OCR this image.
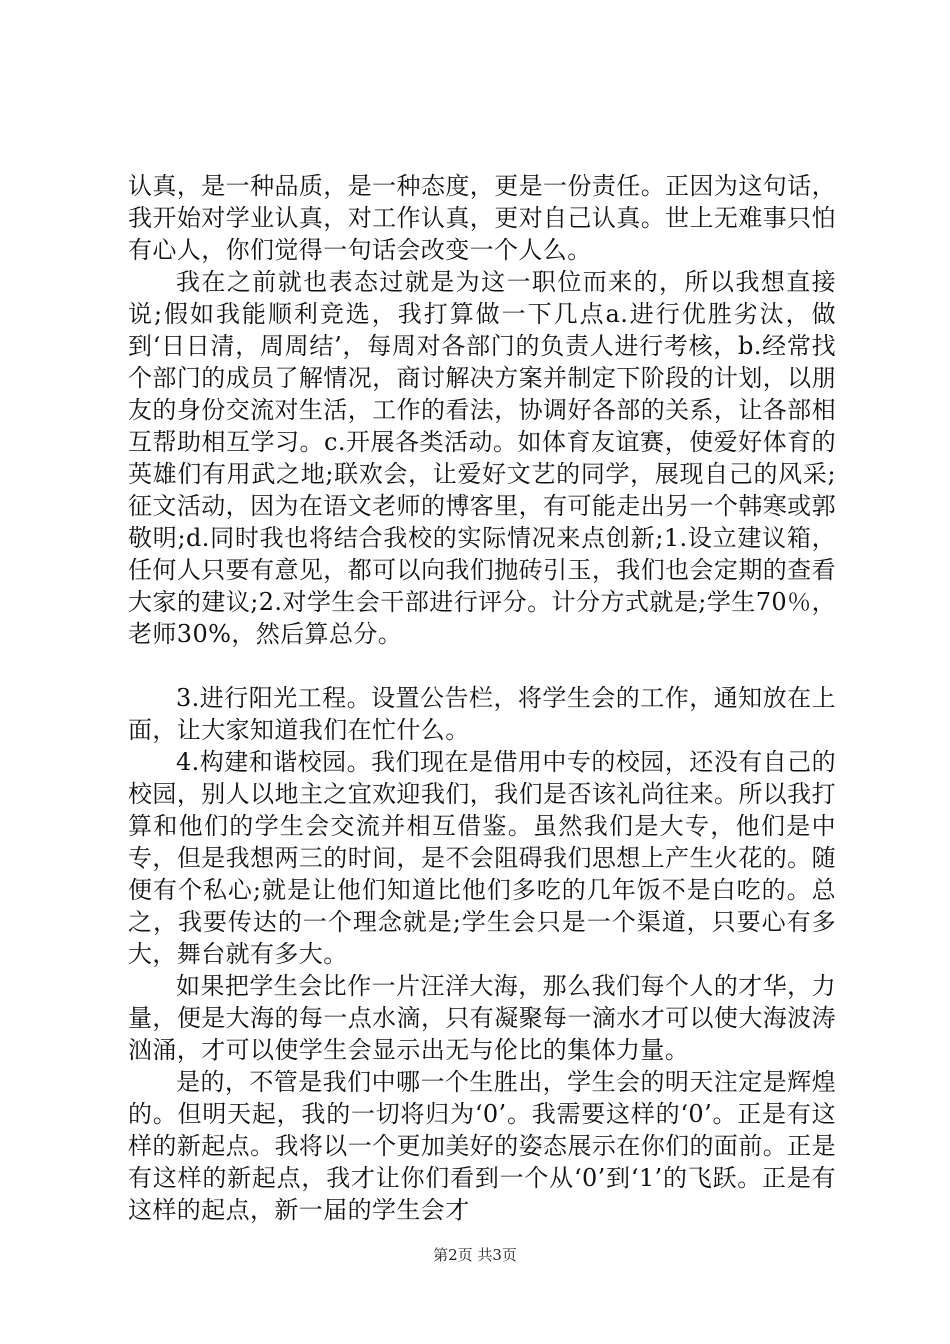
认真，是一种品质，是一种态度，更是一份责任。正因为这句话，我开始对学业认真，对工作认真，更对自己认真。世上无难事只怕有心人，你们觉得一句话会改变一个人么。

我在之前就也表态过就是为这一职位而来的，所以我想直接说;假如我能顺利竞选，我打算做一下几点a.进行优胜劣汰，做到‘日日清，周周结’，每周对各部门的负责人进行考核，b.经常找个部门的成员了解情况，商讨解决方案并制定下阶段的计划，以朋友的身份交流对生活，工作的看法，协调好各部的关系，让各部相互帮助相互学习。c.开展各类活动。如体育友谊赛，使爱好体育的英雄们有用武之地;联欢会，让爱好文艺的同学，展现自己的风采;征文活动，因为在语文老师的博客里，有可能走出另一个韩寒或郭敬明;d.同时我也将结合我校的实际情况来点创新;1.设立建议箱，任何人只要有意见，都可以向我们抛砖引玉，我们也会定期的查看大家的建议;2.对学生会干部进行评分。计分方式就是;学生70％，老师30%，然后算总分。

3.进行阳光工程。设置公告栏，将学生会的工作，通知放在上面，让大家知道我们在忙什么。

4.构建和谐校园。我们现在是借用中专的校园，还没有自己的校园，别人以地主之宜欢迎我们，我们是否该礼尚往来。所以我打算和他们的学生会交流并相互借鉴。虽然我们是大专，他们是中专，但是我想两三的时间，是不会阻碍我们思想上产生火花的。随便有个私心;就是让他们知道比他们多吃的几年饭不是白吃的。总之，我要传达的一个理念就是;学生会只是一个渠道，只要心有多大，舞台就有多大。

如果把学生会比作一片汪洋大海，那么我们每个人的才华，力量，便是大海的每一点水滴，只有凝聚每一滴水才可以使大海波涛汹涌，才可以使学生会显示出无与伦比的集体力量。

是的，不管是我们中哪一个生胜出，学生会的明天注定是辉煌的。但明天起，我的一切将归为‘0’。我需要这样的‘0’。正是有这样的新起点。我将以一个更加美好的姿态展示在你们的面前。正是有这样的新起点，我才让你们看到一个从‘0’到‘1’的飞跃。正是有这样的起点，新一届的学生会才

第2页 共3页
